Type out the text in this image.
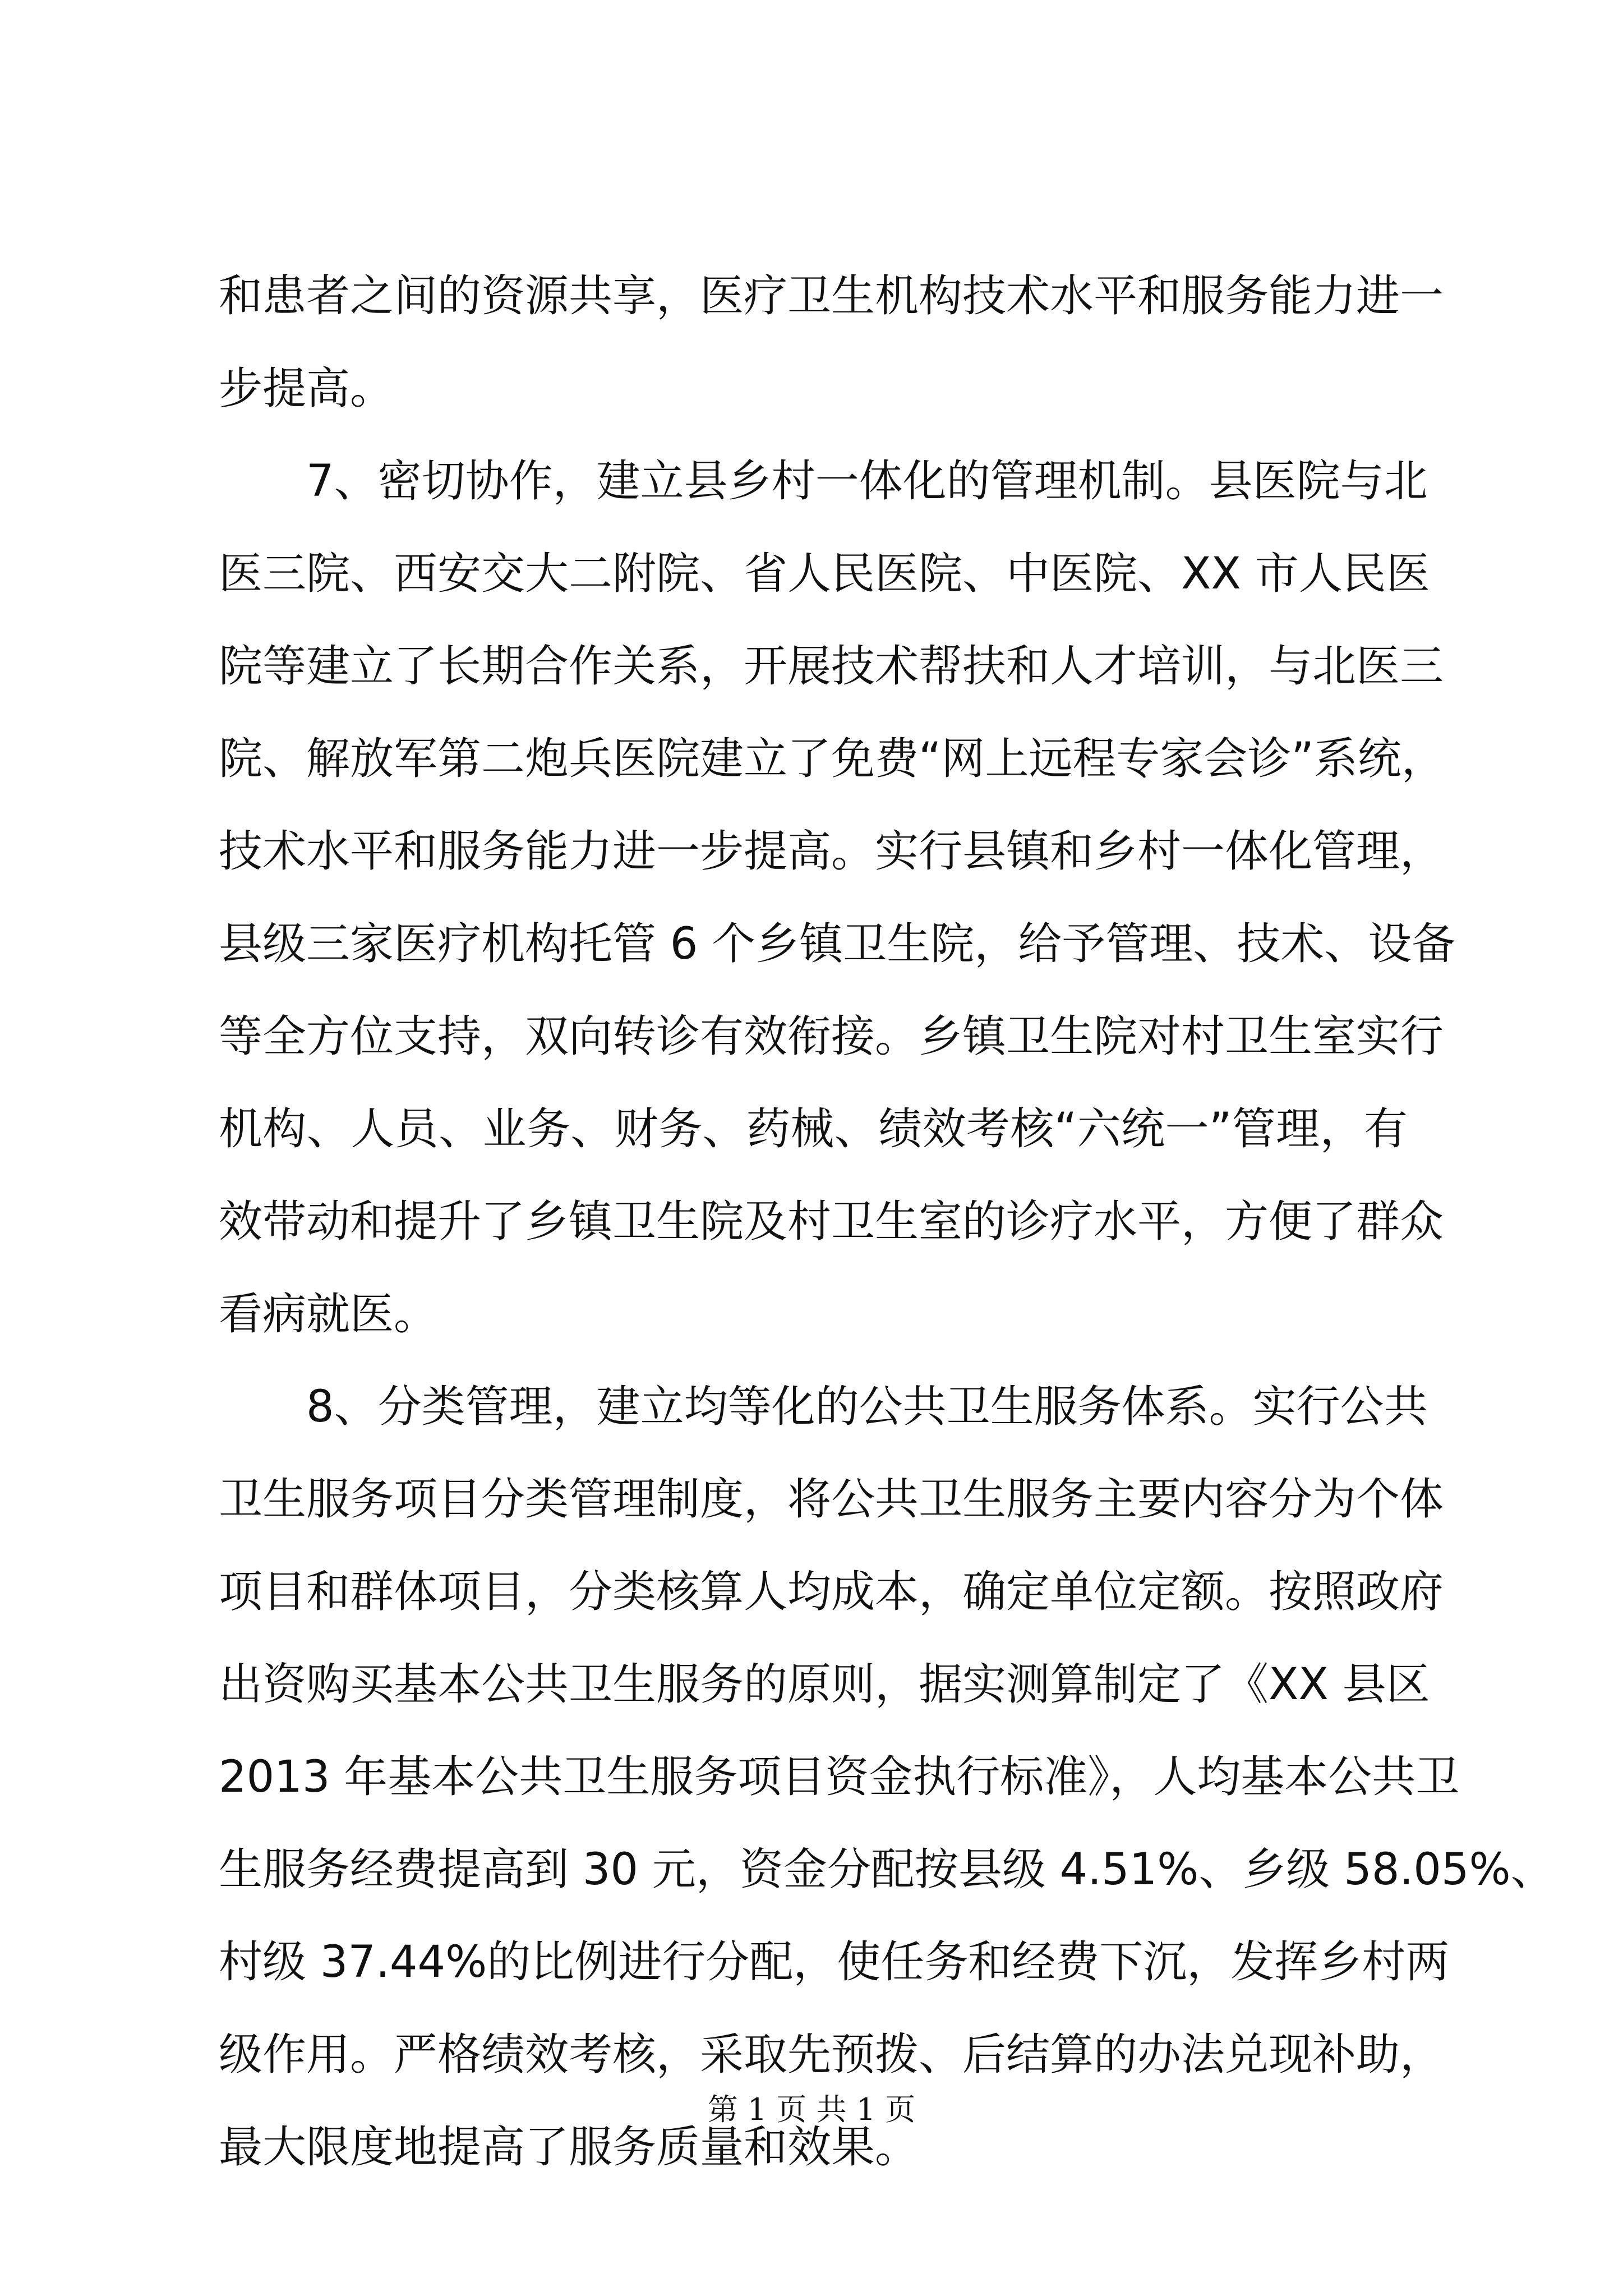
和患者之间的资源共享，医疗卫生机构技术水平和服务能力进一
步提高。
7、密切协作，建立县乡村一体化的管理机制。县医院与北
医三院、西安交大二附院、省人民医院、中医院、XX 市人民医
院等建立了长期合作关系，开展技术帮扶和人才培训，与北医三
院、解放军第二炮兵医院建立了免费“网上远程专家会诊”系统，
技术水平和服务能力进一步提高。实行县镇和乡村一体化管理，
县级三家医疗机构托管 6 个乡镇卫生院，给予管理、技术、设备
等全方位支持，双向转诊有效衔接。乡镇卫生院对村卫生室实行
机构、人员、业务、财务、药械、绩效考核“六统一”管理，有
效带动和提升了乡镇卫生院及村卫生室的诊疗水平，方便了群众
看病就医。
8、分类管理，建立均等化的公共卫生服务体系。实行公共
卫生服务项目分类管理制度，将公共卫生服务主要内容分为个体
项目和群体项目，分类核算人均成本，确定单位定额。按照政府
出资购买基本公共卫生服务的原则，据实测算制定了《XX 县区
2013 年基本公共卫生服务项目资金执行标准》，人均基本公共卫
生服务经费提高到 30 元，资金分配按县级 4.51%、乡级 58.05%、
村级 37.44%的比例进行分配，使任务和经费下沉，发挥乡村两
级作用。严格绩效考核，采取先预拨、后结算的办法兑现补助，
最大限度地提高了服务质量和效果。
第 1 页 共 1 页
